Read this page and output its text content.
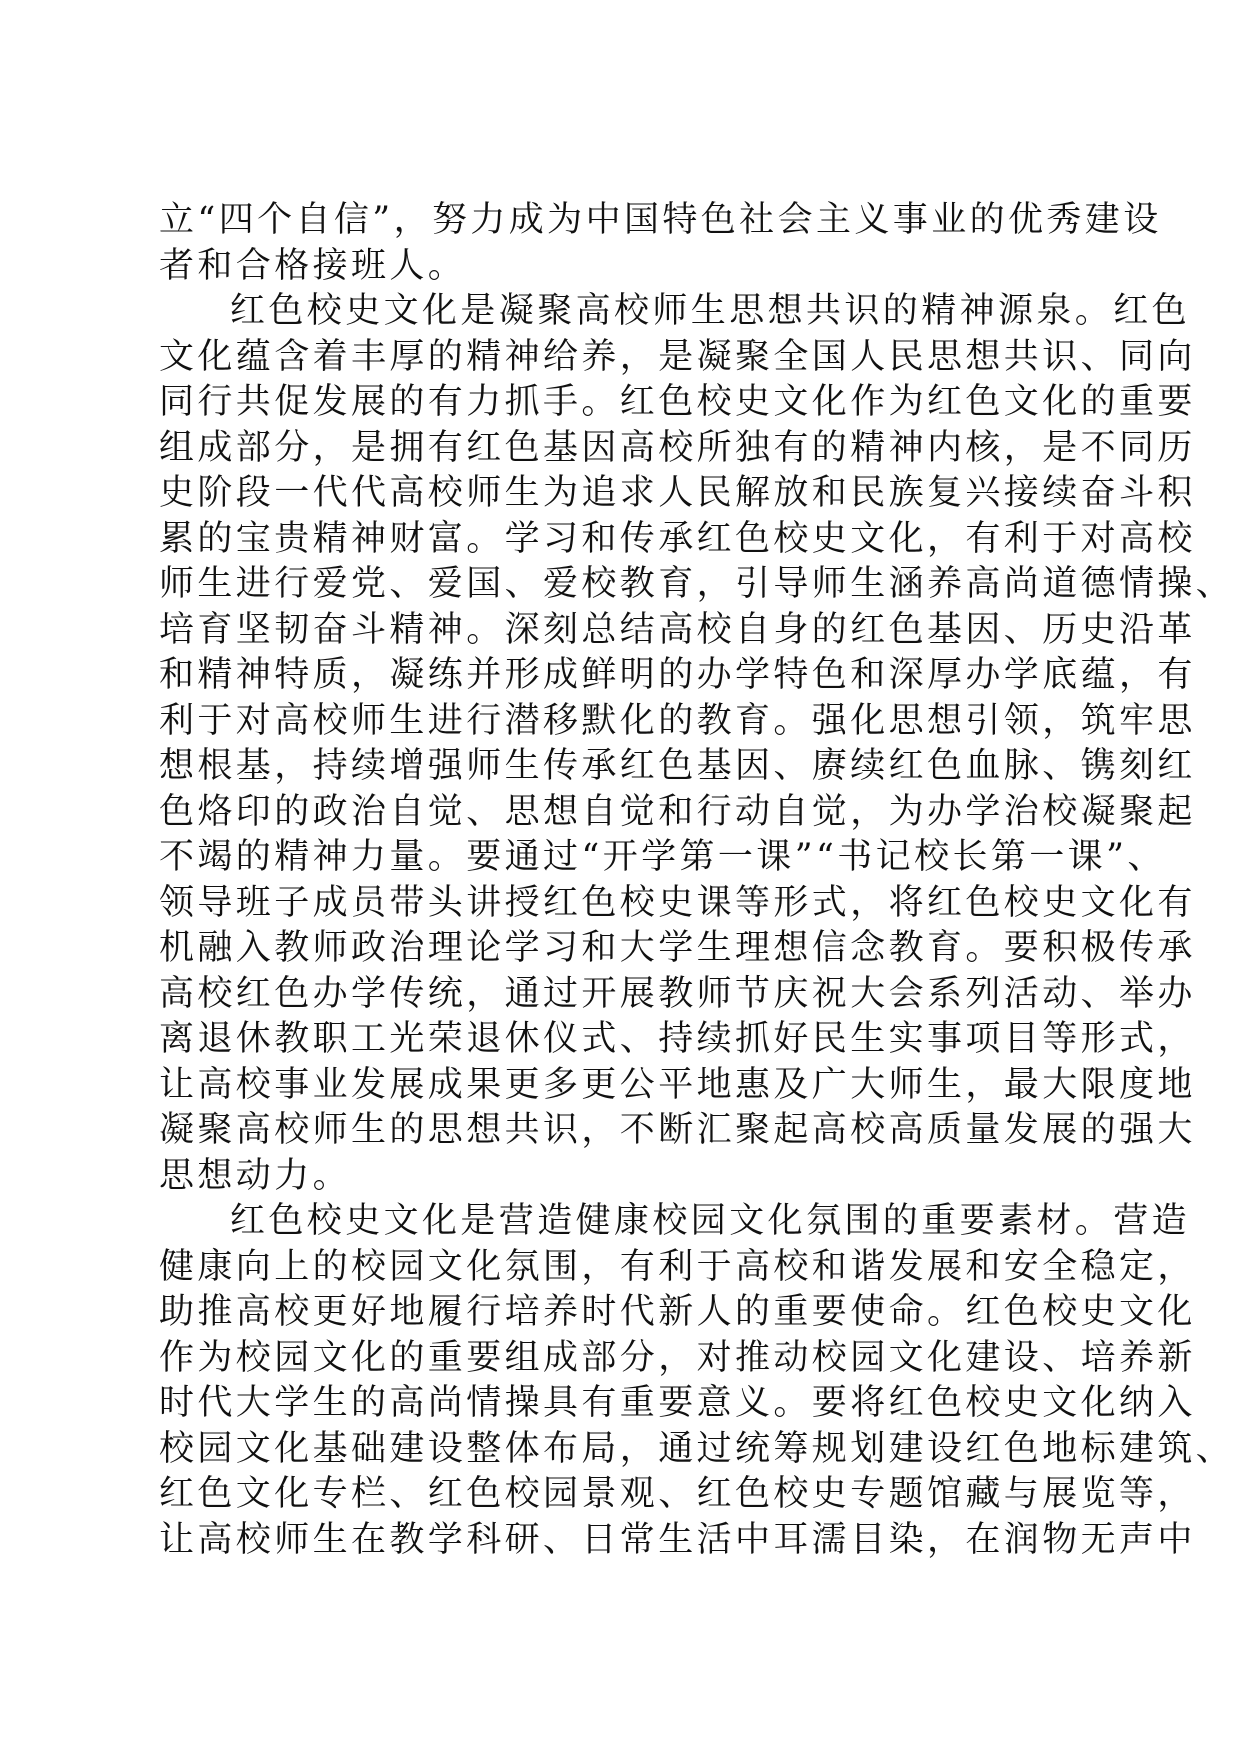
立“四个自信”，努力成为中国特色社会主义事业的优秀建设
者和合格接班人。
红色校史文化是凝聚高校师生思想共识的精神源泉。红色
文化蕴含着丰厚的精神给养，是凝聚全国人民思想共识、同向
同行共促发展的有力抓手。红色校史文化作为红色文化的重要
组成部分，是拥有红色基因高校所独有的精神内核，是不同历
史阶段一代代高校师生为追求人民解放和民族复兴接续奋斗积
累的宝贵精神财富。学习和传承红色校史文化，有利于对高校
师生进行爱党、爱国、爱校教育，引导师生涵养高尚道德情操、
培育坚韧奋斗精神。深刻总结高校自身的红色基因、历史沿革
和精神特质，凝练并形成鲜明的办学特色和深厚办学底蕴，有
利于对高校师生进行潜移默化的教育。强化思想引领，筑牢思
想根基，持续增强师生传承红色基因、赓续红色血脉、镌刻红
色烙印的政治自觉、思想自觉和行动自觉，为办学治校凝聚起
不竭的精神力量。要通过“开学第一课”“书记校长第一课”、
领导班子成员带头讲授红色校史课等形式，将红色校史文化有
机融入教师政治理论学习和大学生理想信念教育。要积极传承
高校红色办学传统，通过开展教师节庆祝大会系列活动、举办
离退休教职工光荣退休仪式、持续抓好民生实事项目等形式，
让高校事业发展成果更多更公平地惠及广大师生，最大限度地
凝聚高校师生的思想共识，不断汇聚起高校高质量发展的强大
思想动力。
红色校史文化是营造健康校园文化氛围的重要素材。营造
健康向上的校园文化氛围，有利于高校和谐发展和安全稳定，
助推高校更好地履行培养时代新人的重要使命。红色校史文化
作为校园文化的重要组成部分，对推动校园文化建设、培养新
时代大学生的高尚情操具有重要意义。要将红色校史文化纳入
校园文化基础建设整体布局，通过统筹规划建设红色地标建筑、
红色文化专栏、红色校园景观、红色校史专题馆藏与展览等，
让高校师生在教学科研、日常生活中耳濡目染，在润物无声中
